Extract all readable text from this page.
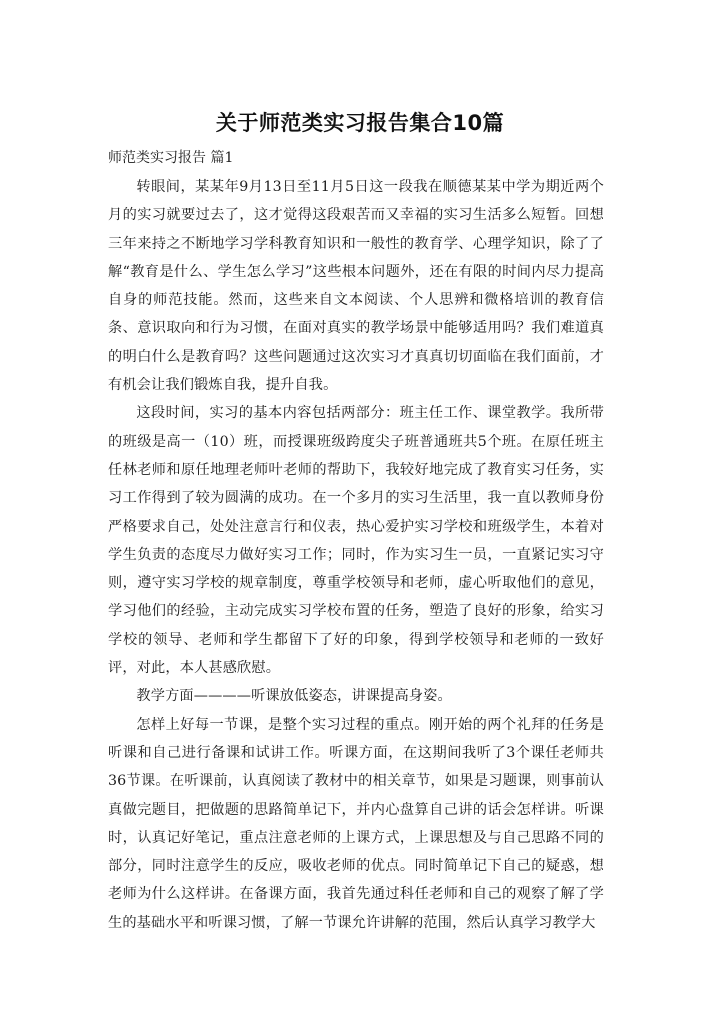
关于师范类实习报告集合10篇
师范类实习报告 篇1

转眼间，某某年9月13日至11月5日这一段我在顺德某某中学为期近两个月的实习就要过去了，这才觉得这段艰苦而又幸福的实习生活多么短暂。回想三年来持之不断地学习学科教育知识和一般性的教育学、心理学知识，除了了解“教育是什么、学生怎么学习”这些根本问题外，还在有限的时间内尽力提高自身的师范技能。然而，这些来自文本阅读、个人思辨和微格培训的教育信条、意识取向和行为习惯，在面对真实的教学场景中能够适用吗？我们难道真的明白什么是教育吗？这些问题通过这次实习才真真切切面临在我们面前，才有机会让我们锻炼自我，提升自我。

这段时间，实习的基本内容包括两部分：班主任工作、课堂教学。我所带的班级是高一（10）班，而授课班级跨度尖子班普通班共5个班。在原任班主任林老师和原任地理老师叶老师的帮助下，我较好地完成了教育实习任务，实习工作得到了较为圆满的成功。在一个多月的实习生活里，我一直以教师身份严格要求自己，处处注意言行和仪表，热心爱护实习学校和班级学生，本着对学生负责的态度尽力做好实习工作；同时，作为实习生一员，一直紧记实习守则，遵守实习学校的规章制度，尊重学校领导和老师，虚心听取他们的意见，学习他们的经验，主动完成实习学校布置的任务，塑造了良好的形象，给实习学校的领导、老师和学生都留下了好的印象，得到学校领导和老师的一致好评，对此，本人甚感欣慰。

教学方面————听课放低姿态，讲课提高身姿。

怎样上好每一节课，是整个实习过程的重点。刚开始的两个礼拜的任务是听课和自己进行备课和试讲工作。听课方面，在这期间我听了3个课任老师共36节课。在听课前，认真阅读了教材中的相关章节，如果是习题课，则事前认真做完题目，把做题的思路简单记下，并内心盘算自己讲的话会怎样讲。听课时，认真记好笔记，重点注意老师的上课方式，上课思想及与自己思路不同的部分，同时注意学生的反应，吸收老师的优点。同时简单记下自己的疑惑，想老师为什么这样讲。在备课方面，我首先通过科任老师和自己的观察了解了学生的基础水平和听课习惯，了解一节课允许讲解的范围，然后认真学习教学大
